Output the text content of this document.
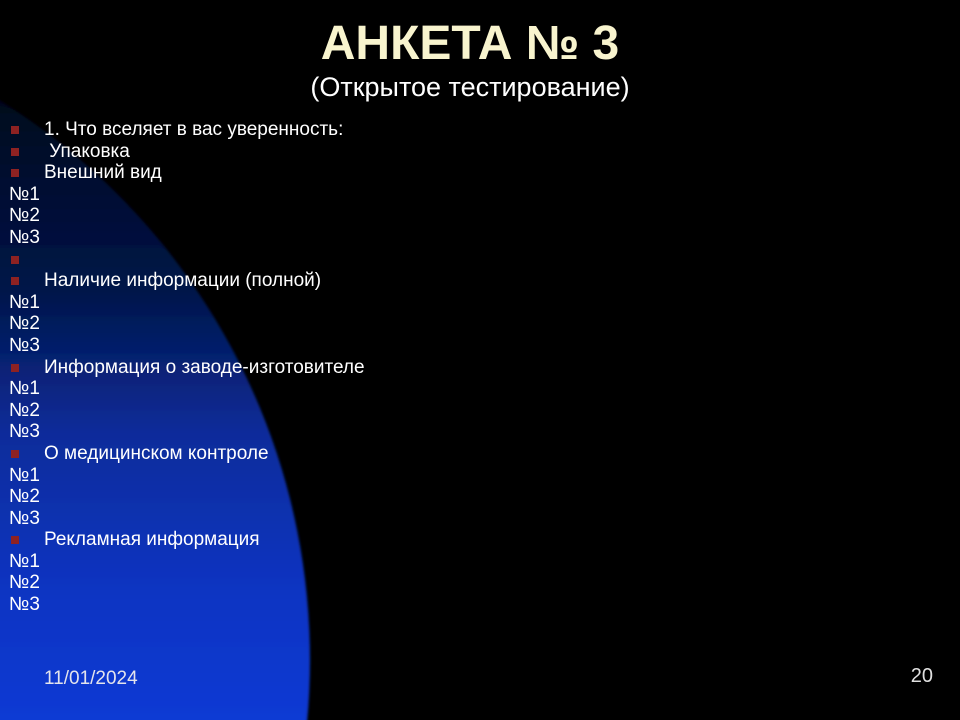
АНКЕТА № 3
(Открытое тестирование)
1. Что вселяет в вас уверенность:
Упаковка
Внешний вид
№1
№2
№3
Наличие информации (полной)
№1
№2
№3
Информация о заводе-изготовителе
№1
№2
№3
О медицинском контроле
№1
№2
№3
Рекламная информация
№1
№2
№3
11/01/2024	20
